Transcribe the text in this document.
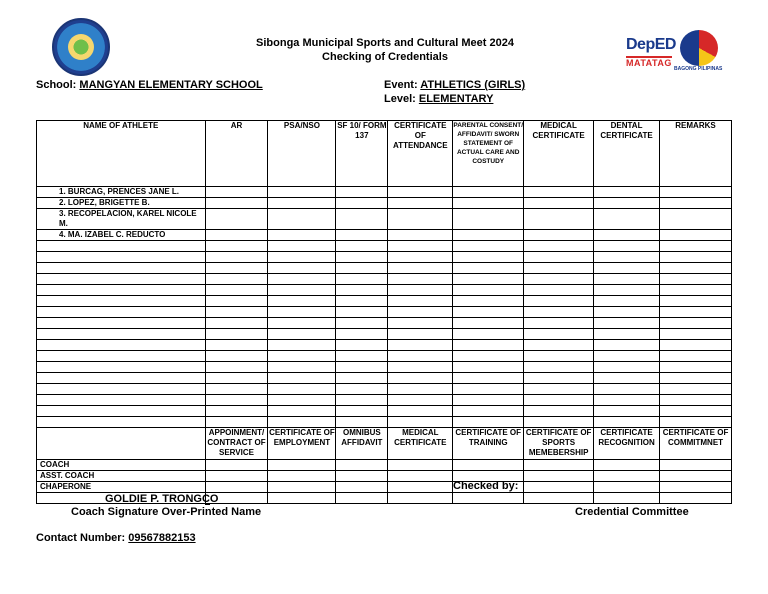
Sibonga Municipal Sports and Cultural Meet 2024
Checking of Credentials
DepED
MATATAG
BAGONG PILIPINAS
School: MANGYAN ELEMENTARY SCHOOL	Event: ATHLETICS (GIRLS)
Level: ELEMENTARY
NAME OF ATHLETE	AR	PSA/NSO	SF 10/ FORM 137	CERTIFICATE OF ATTENDANCE	PARENTAL CONSENT/ AFFIDAVIT/ SWORN STATEMENT OF ACTUAL CARE AND COSTUDY	MEDICAL CERTIFICATE	DENTAL CERTIFICATE	REMARKS
1. BURCAG, PRENCES JANE L.								
2. LOPEZ, BRIGETTE B.								
3. RECOPELACION, KAREL NICOLE M.								
4. MA. IZABEL C. REDUCTO								

	APPOINMENT/ CONTRACT OF SERVICE	CERTIFICATE OF EMPLOYMENT	OMNIBUS AFFIDAVIT	MEDICAL CERTIFICATE	CERTIFICATE OF TRAINING	CERTIFICATE OF SPORTS MEMEBERSHIP	CERTIFICATE RECOGNITION	CERTIFICATE OF COMMITMNET
COACH								
ASST. COACH								
CHAPERONE								
									Checked by:
GOLDIE P. TRONGCO
Coach Signature Over-Printed Name	Credential Committee
Contact Number: 09567882153
